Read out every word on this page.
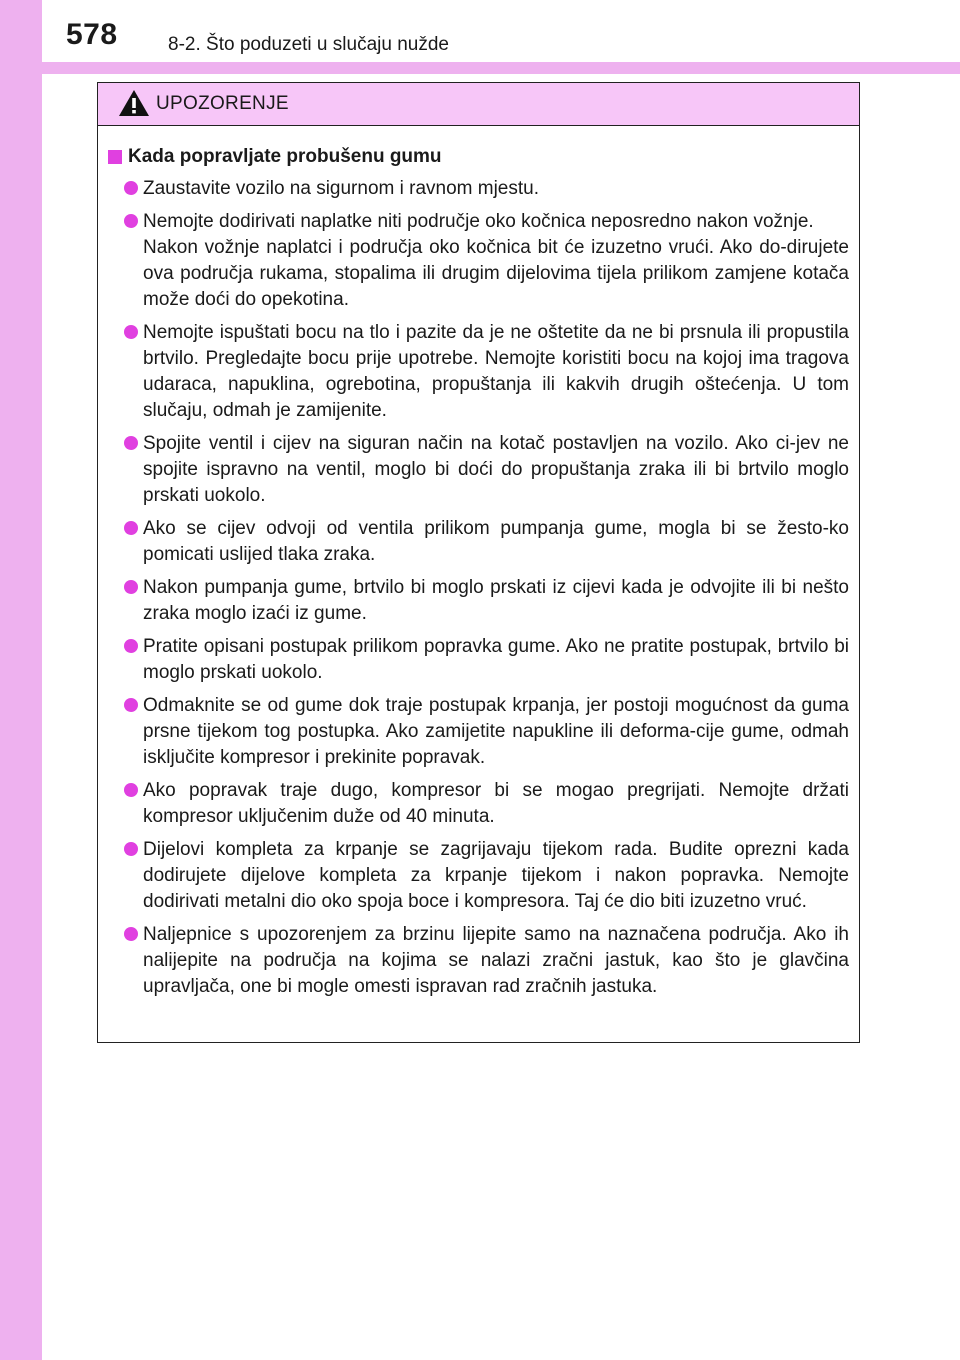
578	8-2. Što poduzeti u slučaju nužde
UPOZORENJE
Kada popravljate probušenu gumu
Zaustavite vozilo na sigurnom i ravnom mjestu.
Nemojte dodirivati naplatke niti područje oko kočnica neposredno nakon vožnje.
Nakon vožnje naplatci i područja oko kočnica bit će izuzetno vrući. Ako do-dirujete ova područja rukama, stopalima ili drugim dijelovima tijela prilikom zamjene kotača može doći do opekotina.
Nemojte ispuštati bocu na tlo i pazite da je ne oštetite da ne bi prsnula ili propustila brtvilo. Pregledajte bocu prije upotrebe. Nemojte koristiti bocu na kojoj ima tragova udaraca, napuklina, ogrebotina, propuštanja ili kakvih drugih oštećenja. U tom slučaju, odmah je zamijenite.
Spojite ventil i cijev na siguran način na kotač postavljen na vozilo. Ako ci-jev ne spojite ispravno na ventil, moglo bi doći do propuštanja zraka ili bi brtvilo moglo prskati uokolo.
Ako se cijev odvoji od ventila prilikom pumpanja gume, mogla bi se žesto-ko pomicati uslijed tlaka zraka.
Nakon pumpanja gume, brtvilo bi moglo prskati iz cijevi kada je odvojite ili bi nešto zraka moglo izaći iz gume.
Pratite opisani postupak prilikom popravka gume. Ako ne pratite postupak, brtvilo bi moglo prskati uokolo.
Odmaknite se od gume dok traje postupak krpanja, jer postoji mogućnost da guma prsne tijekom tog postupka. Ako zamijetite napukline ili deforma-cije gume, odmah isključite kompresor i prekinite popravak.
Ako popravak traje dugo, kompresor bi se mogao pregrijati. Nemojte držati kompresor uključenim duže od 40 minuta.
Dijelovi kompleta za krpanje se zagrijavaju tijekom rada. Budite oprezni kada dodirujete dijelove kompleta za krpanje tijekom i nakon popravka. Nemojte dodirivati metalni dio oko spoja boce i kompresora. Taj će dio biti izuzetno vruć.
Naljepnice s upozorenjem za brzinu lijepite samo na naznačena područja. Ako ih nalijepite na područja na kojima se nalazi zračni jastuk, kao što je glavčina upravljača, one bi mogle omesti ispravan rad zračnih jastuka.
